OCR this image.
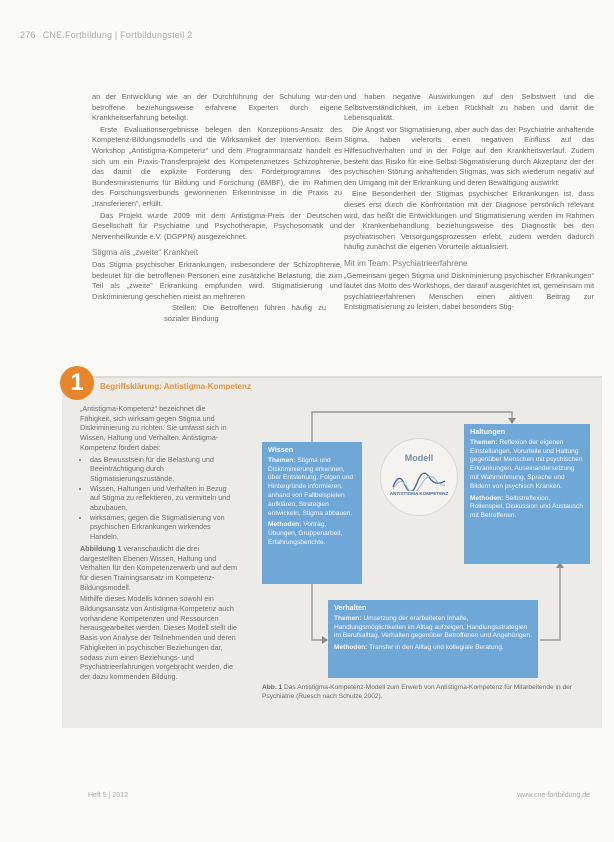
276 CNE.Fortbildung | Fortbildungsteil 2

an der Entwicklung wie an der Durchführung der Schulung wur-den betroffene beziehungsweise erfahrene Experten durch eigene Krankheitserfahrung beteiligt.

Erste Evaluationsergebnisse belegen den Konzeptions-Ansatz des Kompetenz-Bildungsmodells und die Wirksamkeit der Intervention. Beim Workshop „Antistigma-Kompetenz“ und dem Programmansatz handelt es sich um ein Praxis-Transferprojekt des Kompetenznetzes Schizophrenie, das damit die explizite Forderung des Förderprogramms des Bundesministeriums für Bildung und Forschung (BMBF), die im Rahmen des Forschungsverbunds gewonnenen Erkenntnisse in die Praxis zu „transferieren“, erfüllt.

Das Projekt wurde 2009 mit dem Antistigma-Preis der Deutschen Gesellschaft für Psychiatrie und Psychotherapie, Psychosomatik und Nervenheilkunde e.V. (DGPPN) ausgezeichnet.

Stigma als „zweite“ Krankheit

Das Stigma psychischer Erkrankungen, insbesondere der Schizophrenie, bedeutet für die betroffenen Personen eine zusätzliche Belastung, die zum Teil als „zweite“ Erkrankung empfunden wird. Stigmatisierung und Diskriminierung geschehen meist an mehreren

Stellen: Die Betroffenen führen häufig zu sozialer Bindung

und haben negative Auswirkungen auf den Selbstwert und die Selbstverständlichkeit, im Leben Rückhalt zu haben und damit die Lebensqualität.

Die Angst vor Stigmatisierung, aber auch das der Psychiatrie anhaftende Stigma, haben vielerorts einen negativen Einfluss auf das Hilfesuchverhalten und in der Folge auf den Krankheitsverlauf. Zudem besteht das Risiko für eine Selbst-Stigmatisierung durch Akzeptanz der der psychischen Störung anhaftenden Stigmas, was sich wiederum negativ auf den Umgang mit der Erkrankung und deren Bewältigung auswirkt.

Eine Besonderheit der Stigmas psychischer Erkrankungen ist, dass dieses erst durch die Konfrontation mit der Diagnose persönlich relevant wird, das heißt die Entwicklungen und Stigmatisierung werden im Rahmen der Krankenbehandlung beziehungsweise des Diagnostik bei den psychiatrischen Versorgungsprozessen erlebt, zudem werden dadurch häufig zunächst die eigenen Vorurteile aktualisiert.

Mit im Team: Psychiatrieerfahrene

„Gemeinsam gegen Stigma und Diskriminierung psychischer Erkrankungen“ lautet das Motto des Workshops, der darauf ausgerichtet ist, gemeinsam mit psychiatrieerfahrenen Menschen einen aktiven Beitrag zur Entstigmatisierung zu leisten, dabei besonders Stig-

1	Begriffsklärung: Antistigma-Kompetenz

„Antistigma-Kompetenz“ bezeichnet die Fähigkeit, sich wirksam gegen Stigma und Diskriminierung zu richten. Sie umfasst sich in Wissen, Haltung und Verhalten. Antistigma-Kompetenz fördert dabei:

• das Bewusstsein für die Belastung und Beeinträchtigung durch Stigmatisierungszustände,
• Wissen, Haltungen und Verhalten in Bezug auf Stigma zu reflektieren, zu vermitteln und abzubauen,
• wirksames, gegen die Stigmatisierung von psychischen Erkrankungen wirkendes Handeln.

Abbildung 1 veranschaulicht die drei dargestellten Ebenen Wissen, Haltung und Verhalten für den Kompetenzerwerb und auf dem für diesen Trainingsansatz im Kompetenz-Bildungsmodell.

Mithilfe dieses Modells können sowohl ein Bildungsansatz von Antistigma-Kompetenz auch vorhandene Kompetenzen und Ressourcen herausgearbeitet werden. Dieses Modell stellt die Basis von Analyse der Teilnehmenden und deren Fähigkeiten in psychischer Beziehungen dar, sodass zum einen Beziehungs- und Psychiatrieerfahrungen vorgebracht werden, die der dazu kommenden Bildung.

Wissen

Themen: Stigma und Diskriminierung erkennen, über Entstehung, Folgen und Hintergründe informieren, anhand von Fallbeispielen aufklären, Strategien entwickeln, Stigma abbauen.

Methoden: Vortrag, Übungen, Gruppenarbeit, Erfahrungsberichte.

Modell
ANTISTIGMA KOMPETENZ
Haltungen

Themen: Reflexion der eigenen Einstellungen, Vorurteile und Haltung gegenüber Menschen mit psychischen Erkrankungen, Auseinandersetzung mit Wahrnehmung, Sprache und Bildern von psychisch Kranken.

Methoden: Selbstreflexion, Rollenspiel, Diskussion und Austausch mit Betroffenen.

Verhalten

Themen: Umsetzung der erarbeiteten Inhalte, Handlungsmöglichkeiten im Alltag aufzeigen, Handlungsstrategien im Berufsalltag, Verhalten gegenüber Betroffenen und Angehörigen.

Methoden: Transfer in den Alltag und kollegiale Beratung.

Abb. 1 Das Antistigma-Kompetenz-Modell zum Erwerb von Antistigma-Kompetenz für Mitarbeitende in der Psychiatrie (Ruesch nach Schulze 2002).
Heft 5 | 2012	www.cne-fortbildung.de
